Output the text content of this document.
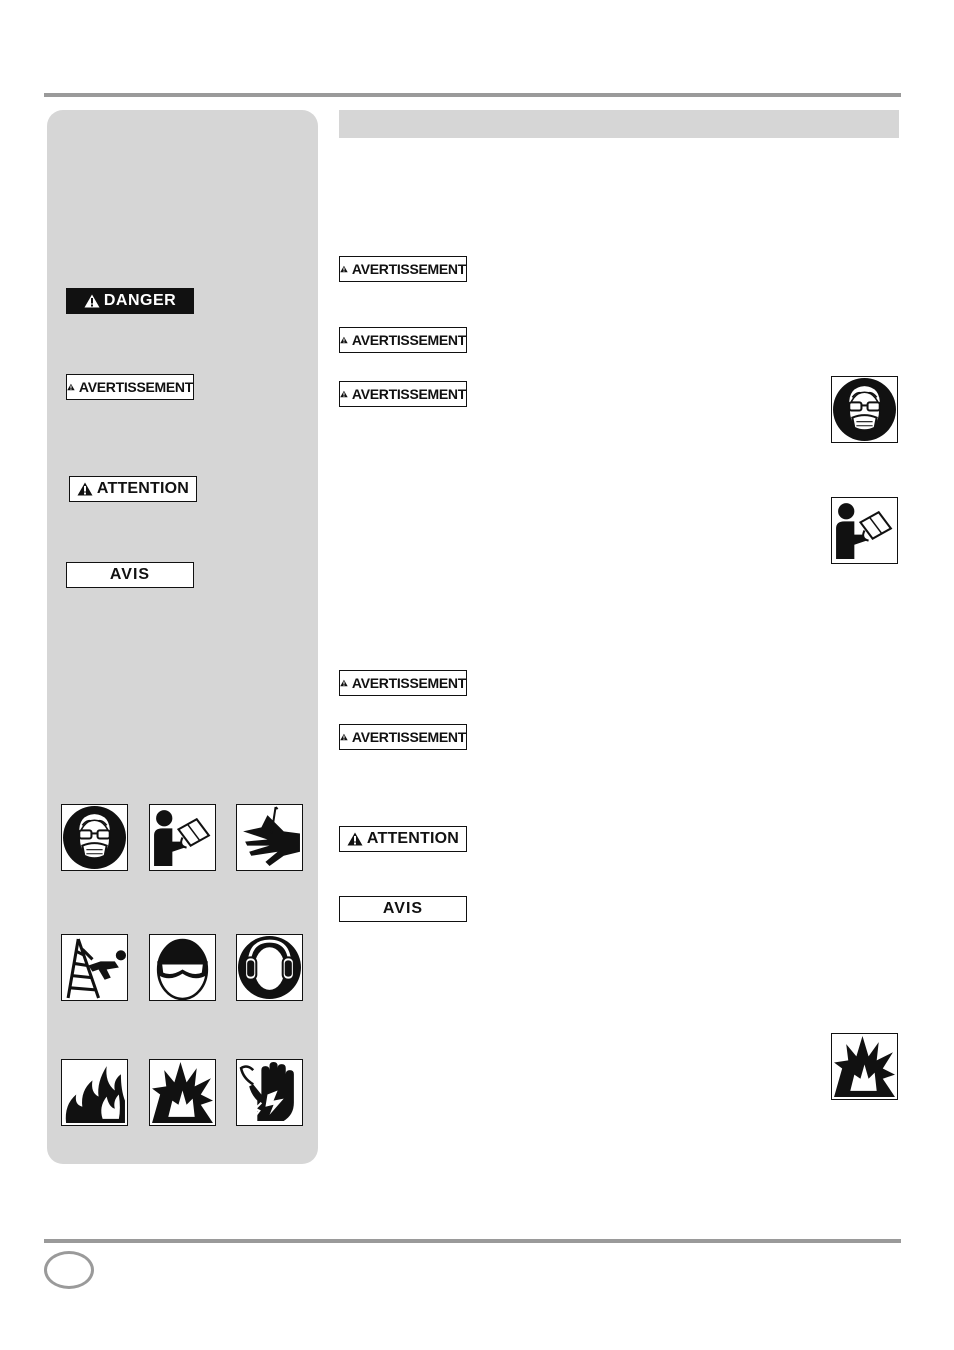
DANGER
AVERTISSEMENT
ATTENTION
AVIS
AVERTISSEMENT
AVERTISSEMENT
AVERTISSEMENT
AVERTISSEMENT
AVERTISSEMENT
ATTENTION
AVIS
